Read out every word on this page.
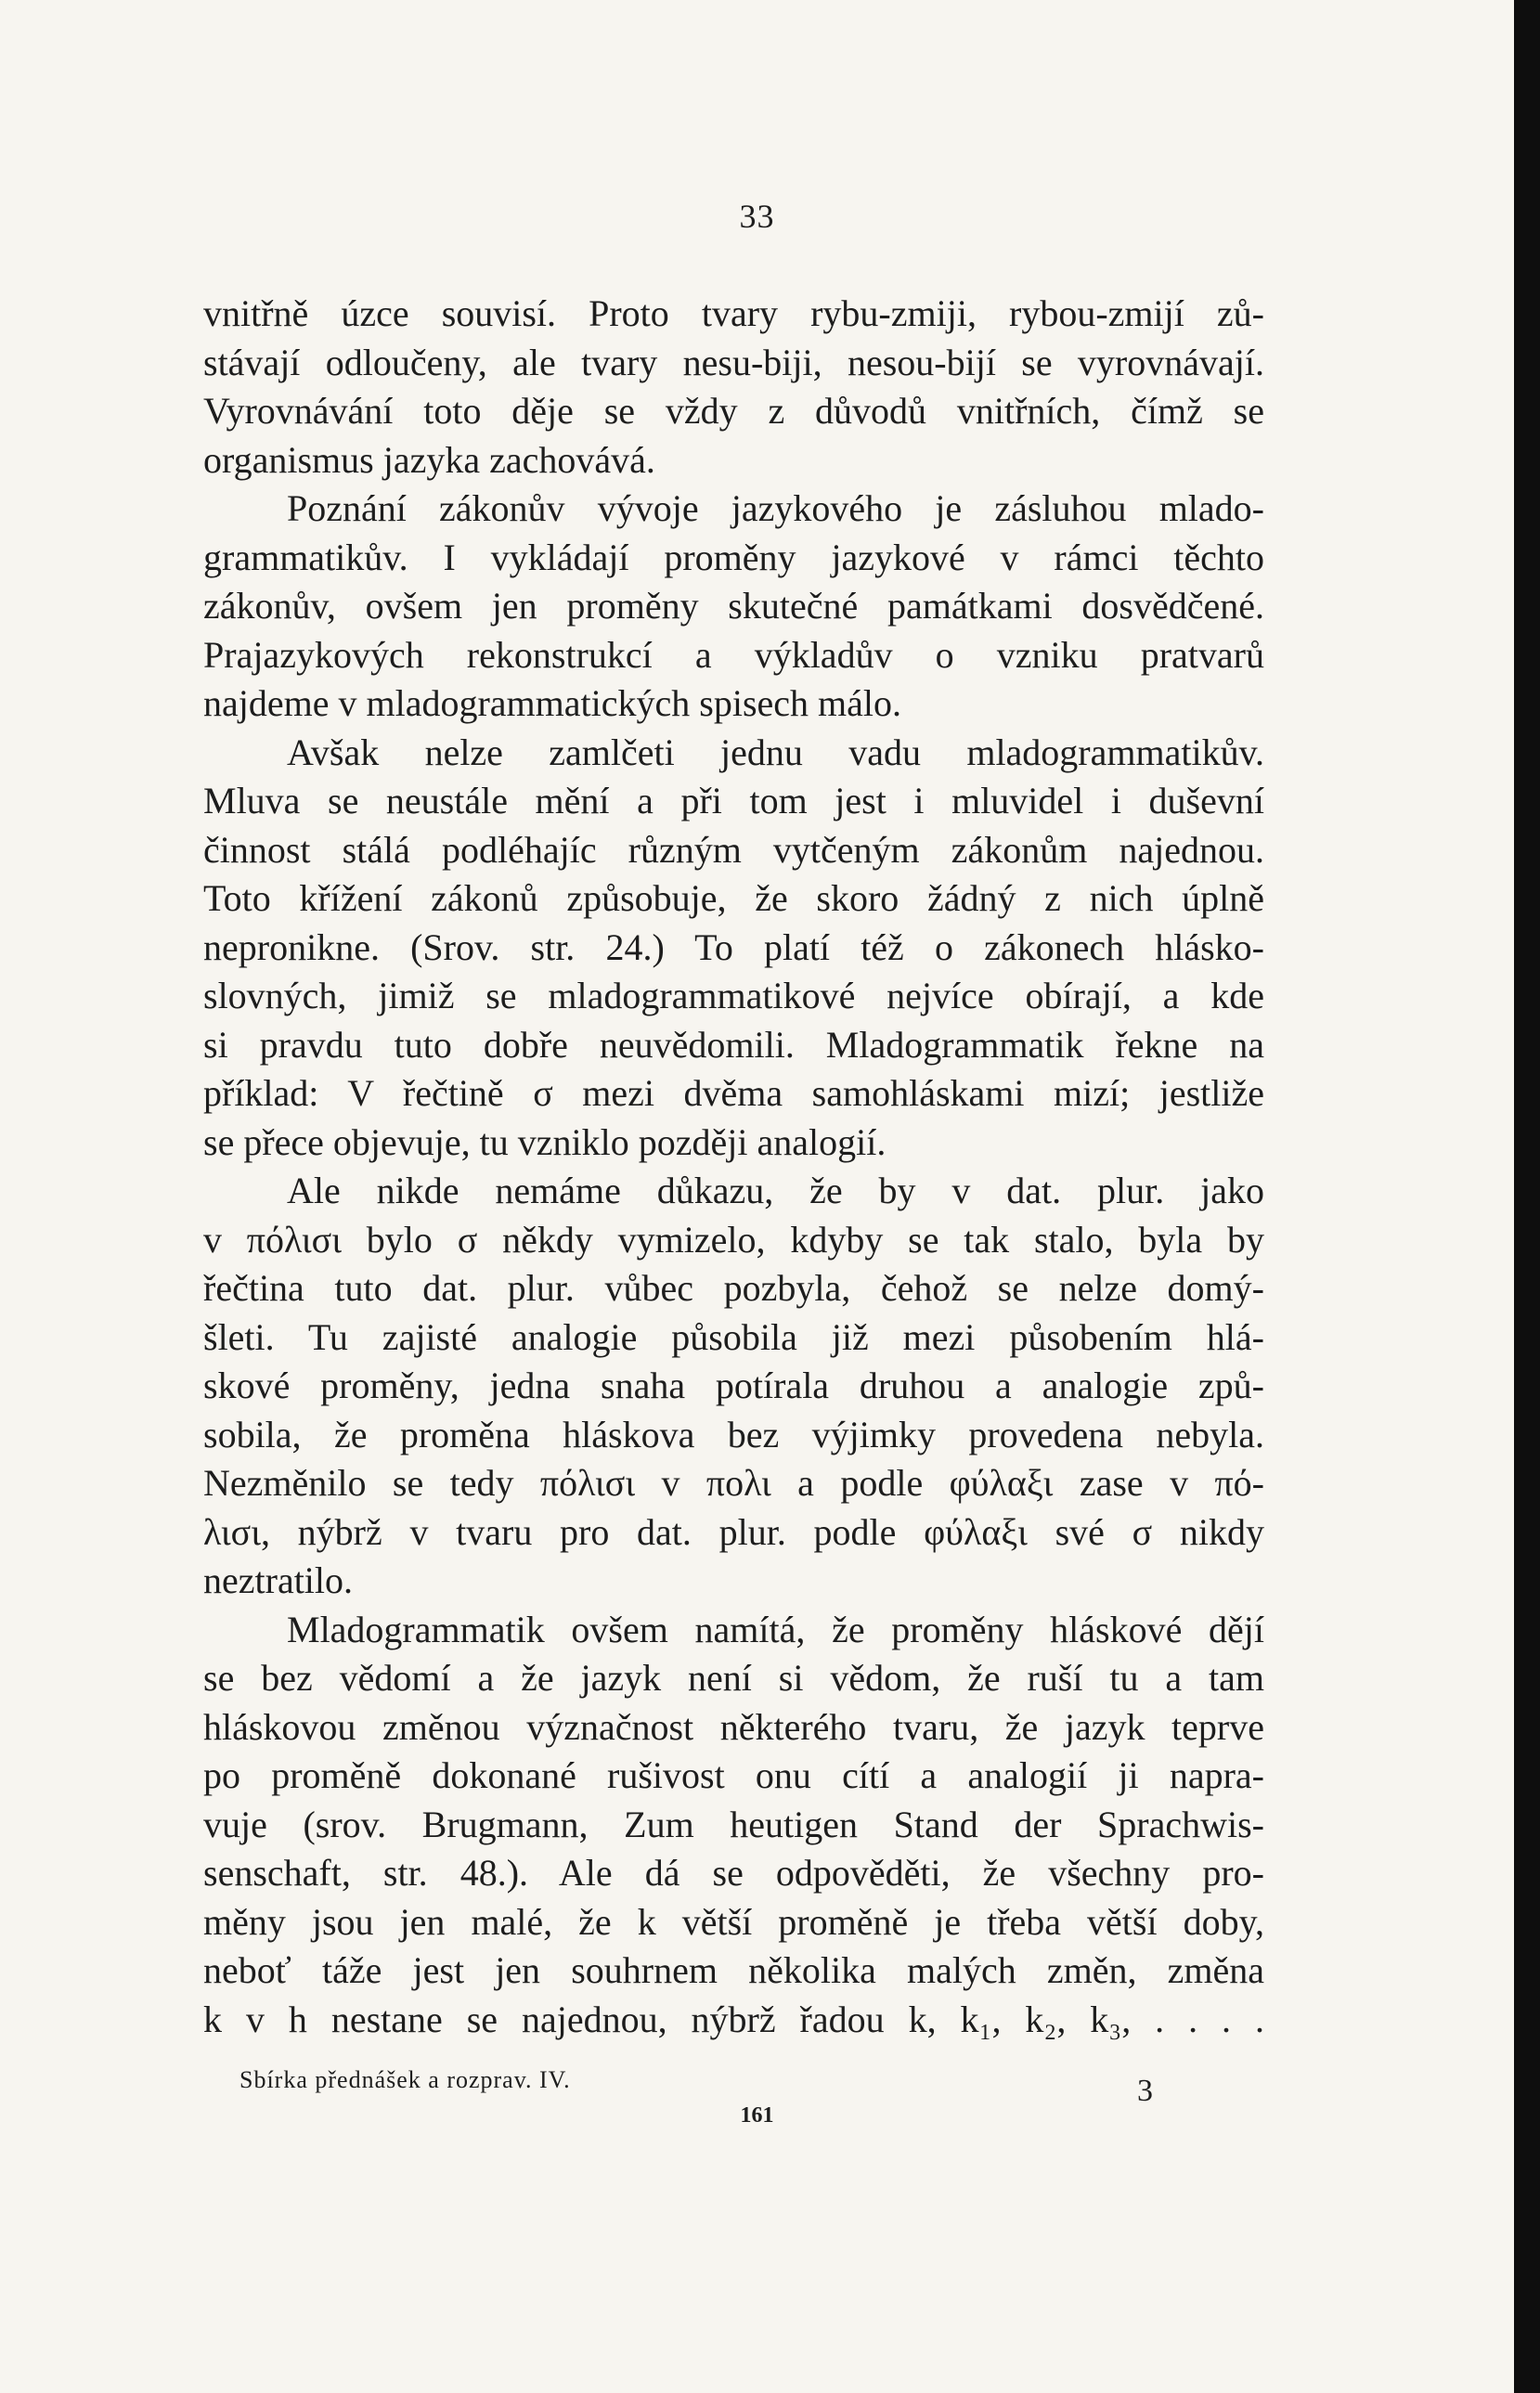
33
vnitřně úzce souvisí. Proto tvary rybu-zmiji, rybou-zmijí zů-
stávají odloučeny, ale tvary nesu-biji, nesou-bijí se vyrovnávají.
Vyrovnávání toto děje se vždy z důvodů vnitřních, čímž se
organismus jazyka zachovává.
Poznání zákonův vývoje jazykového je zásluhou mlado-
grammatikův. I vykládají proměny jazykové v rámci těchto
zákonův, ovšem jen proměny skutečné památkami dosvědčené.
Prajazykových rekonstrukcí a výkladův o vzniku pratvarů
najdeme v mladogrammatických spisech málo.
Avšak nelze zamlčeti jednu vadu mladogrammatikův.
Mluva se neustále mění a při tom jest i mluvidel i duševní
činnost stálá podléhajíc různým vytčeným zákonům najednou.
Toto křížení zákonů způsobuje, že skoro žádný z nich úplně
nepronikne. (Srov. str. 24.) To platí též o zákonech hlásko-
slovných, jimiž se mladogrammatikové nejvíce obírají, a kde
si pravdu tuto dobře neuvědomili. Mladogrammatik řekne na
příklad: V řečtině σ mezi dvěma samohláskami mizí; jestliže
se přece objevuje, tu vzniklo později analogií.
Ale nikde nemáme důkazu, že by v dat. plur. jako
v πόλισι bylo σ někdy vymizelo, kdyby se tak stalo, byla by
řečtina tuto dat. plur. vůbec pozbyla, čehož se nelze domý-
šleti. Tu zajisté analogie působila již mezi působením hlá-
skové proměny, jedna snaha potírala druhou a analogie způ-
sobila, že proměna hláskova bez výjimky provedena nebyla.
Nezměnilo se tedy πόλισι v πολι a podle φύλαξι zase v πό-
λισι, nýbrž v tvaru pro dat. plur. podle φύλαξι své σ nikdy
neztratilo.
Mladogrammatik ovšem namítá, že proměny hláskové dějí
se bez vědomí a že jazyk není si vědom, že ruší tu a tam
hláskovou změnou význačnost některého tvaru, že jazyk teprve
po proměně dokonané rušivost onu cítí a analogií ji napra-
vuje (srov. Brugmann, Zum heutigen Stand der Sprachwis-
senschaft, str. 48.). Ale dá se odpověděti, že všechny pro-
měny jsou jen malé, že k větší proměně je třeba větší doby,
neboť táže jest jen souhrnem několika malých změn, změna
k v h nestane se najednou, nýbrž řadou k, k₁, k₂, k₃, . . . .
Sbírka přednášek a rozprav. IV.	3
161
